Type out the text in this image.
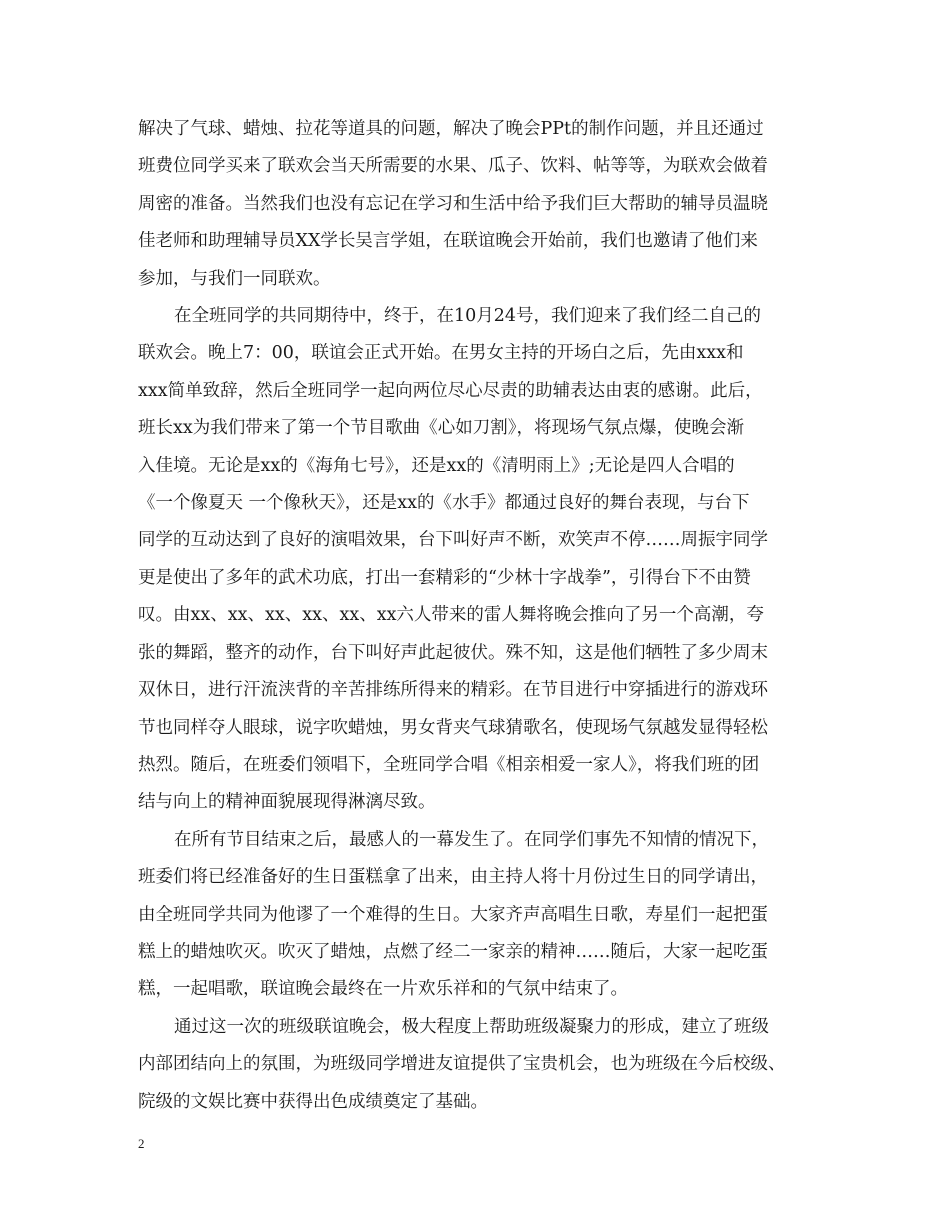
解决了气球、蜡烛、拉花等道具的问题，解决了晚会PPt的制作问题，并且还通过
班费位同学买来了联欢会当天所需要的水果、瓜子、饮料、帖等等，为联欢会做着
周密的准备。当然我们也没有忘记在学习和生活中给予我们巨大帮助的辅导员温晓
佳老师和助理辅导员XX学长吴言学姐，在联谊晚会开始前，我们也邀请了他们来
参加，与我们一同联欢。

在全班同学的共同期待中，终于，在10月24号，我们迎来了我们经二自己的
联欢会。晚上7：00，联谊会正式开始。在男女主持的开场白之后，先由xxx和
xxx简单致辞，然后全班同学一起向两位尽心尽责的助辅表达由衷的感谢。此后，
班长xx为我们带来了第一个节目歌曲《心如刀割》，将现场气氛点爆，使晚会渐
入佳境。无论是xx的《海角七号》，还是xx的《清明雨上》;无论是四人合唱的
《一个像夏天 一个像秋天》，还是xx的《水手》都通过良好的舞台表现，与台下
同学的互动达到了良好的演唱效果，台下叫好声不断，欢笑声不停……周振宇同学
更是使出了多年的武术功底，打出一套精彩的“少林十字战拳”，引得台下不由赞
叹。由xx、xx、xx、xx、xx、xx六人带来的雷人舞将晚会推向了另一个高潮，夸
张的舞蹈，整齐的动作，台下叫好声此起彼伏。殊不知，这是他们牺牲了多少周末
双休日，进行汗流浃背的辛苦排练所得来的精彩。在节目进行中穿插进行的游戏环
节也同样夺人眼球，说字吹蜡烛，男女背夹气球猜歌名，使现场气氛越发显得轻松
热烈。随后，在班委们领唱下，全班同学合唱《相亲相爱一家人》，将我们班的团
结与向上的精神面貌展现得淋漓尽致。

在所有节目结束之后，最感人的一幕发生了。在同学们事先不知情的情况下，
班委们将已经准备好的生日蛋糕拿了出来，由主持人将十月份过生日的同学请出，
由全班同学共同为他谬了一个难得的生日。大家齐声高唱生日歌，寿星们一起把蛋
糕上的蜡烛吹灭。吹灭了蜡烛，点燃了经二一家亲的精神……随后，大家一起吃蛋
糕，一起唱歌，联谊晚会最终在一片欢乐祥和的气氛中结束了。

通过这一次的班级联谊晚会，极大程度上帮助班级凝聚力的形成，建立了班级
内部团结向上的氛围，为班级同学增进友谊提供了宝贵机会，也为班级在今后校级、
院级的文娱比赛中获得出色成绩奠定了基础。

2
